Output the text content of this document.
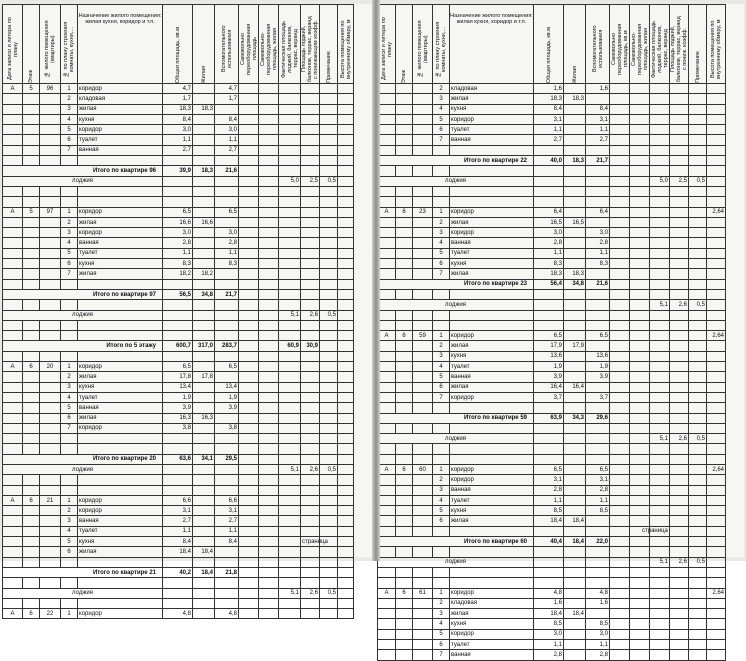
Дата записи и литера по плану	Этаж	№ жилого помещения (квартиры)	№ по плану строения комнаты, кухни,...	Назначение жилого помещения: жилая кухня, коридор и т.п.	Общая площадь, кв.м	Жилая	Вспомогательного использования	Самовольно переоборудованная площадь	Самовольно-переоборудованная площадь, жилая	Фактическая площадь лоджий, балконов, террас, веранд	Площадь лоджий, балконов, террас, веранд с понижающим коэфф.	Примечание	Высота помещения по внутреннему обмеру, м

A	5	96	1	коридор	4,7		4,7						
			2	кладовая	1,7		1,7						
			3	жилая	18,3	18,3							
			4	кухня	8,4		8,4						
			5	коридор	3,0		3,0						
			6	туалет	1,1		1,1						
			7	ванная	2,7		2,7						

Итого по квартире 96					39,9	18,3	21,6						
лоджия										5,0	2,5	0,5	

A	5	97	1	коридор	6,5		6,5						
			2	жилая	16,6	16,6							
			3	коридор	3,0		3,0						
			4	ванная	2,8		2,8						
			5	туалет	1,1		1,1						
			6	кухня	8,3		8,3						
			7	жилая	18,2	18,2							

Итого по квартире 97					56,5	34,8	21,7						

лоджия										5,1	2,6	0,5	

Итого по 5 этажу					600,7	317,0	283,7			60,9	30,9		

A	6	20	1	коридор	6,5		6,5						
			2	жилая	17,8	17,8							
			3	кухня	13,4		13,4						
			4	туалет	1,9		1,9						
			5	ванная	3,9		3,9						
			6	жилая	16,3	16,3							
			7	коридор	3,8		3,8						

Итого по квартире 20					63,6	34,1	29,5						
лоджия										5,1	2,6	0,5	

A	6	21	1	коридор	6,6		6,6						
			2	коридор	3,1		3,1						
			3	ванная	2,7		2,7						
			4	туалет	1,1		1,1						
			5	кухня	8,4		8,4						
			6	жилая	18,4	18,4							

Итого по квартире 21					40,2	18,4	21,8						

лоджия										5,1	2,6	0,5	

A	6	22	1	коридор	4,8		4,8						
страница
Дата записи и литера по плану	Этаж	№ жилого помещения (квартиры)	№ по плану строения комнаты, кухни,...	Назначение жилого помещения: жилая кухня, коридор и т.п.	Общая площадь, кв.м	Жилая	Вспомогательного использования	Самовольно переоборудованная площадь, кв.м	Самовольно-переоборудованная площадь, жилая	Фактическая площадь лоджий, балконов, террас, веранд	Площадь лоджий, балконов, террас, веранд с пониж. коэфф.	Примечание	Высота помещения по внутреннему обмеру, м

			2	кладовая	1,6		1,6						
			3	жилая	18,3	18,3							
			4	кухня	8,4		8,4						
			5	коридор	3,1		3,1						
			6	туалет	1,1		1,1						
			7	ванная	2,7		2,7						

Итого по квартире 22					40,0	18,3	21,7						

лоджия										5,0	2,5	0,5	

A	6	23	1	коридор	6,4		6,4						2,64
			2	жилая	16,5	16,5							
			3	коридор	3,0		3,0						
			4	ванная	2,8		2,8						
			5	туалет	1,1		1,1						
			6	кухня	8,3		8,3						
			7	жилая	18,3	18,3							
Итого по квартире 23					56,4	34,8	21,6						

лоджия										5,1	2,6	0,5	

A	6	59	1	коридор	6,5		6,5						2,64
			2	жилая	17,9	17,9							
			3	кухня	13,6		13,6						
			4	туалет	1,9		1,9						
			5	ванная	3,9		3,9						
			6	жилая	16,4	16,4							
			7	коридор	3,7		3,7						

Итого по квартире 59					63,9	34,3	29,6						

лоджия										5,1	2,6	0,5	

A	6	60	1	коридор	6,5		6,5						2,64
			2	коридор	3,1		3,1						
			3	ванная	2,8		2,8						
			4	туалет	1,1		1,1						
			5	кухня	8,5		8,5						
			6	жилая	18,4	18,4							

Итого по квартире 60					40,4	18,4	22,0						

лоджия										5,1	2,6	0,5	

A	6	61	1	коридор	4,8		4,8						2,64
			2	кладовая	1,6		1,6						
			3	жилая	18,4	18,4							
			4	кухня	8,5		8,5						
			5	коридор	3,0		3,0						
			6	туалет	1,1		1,1						
			7	ванная	2,8		2,8						
страница
